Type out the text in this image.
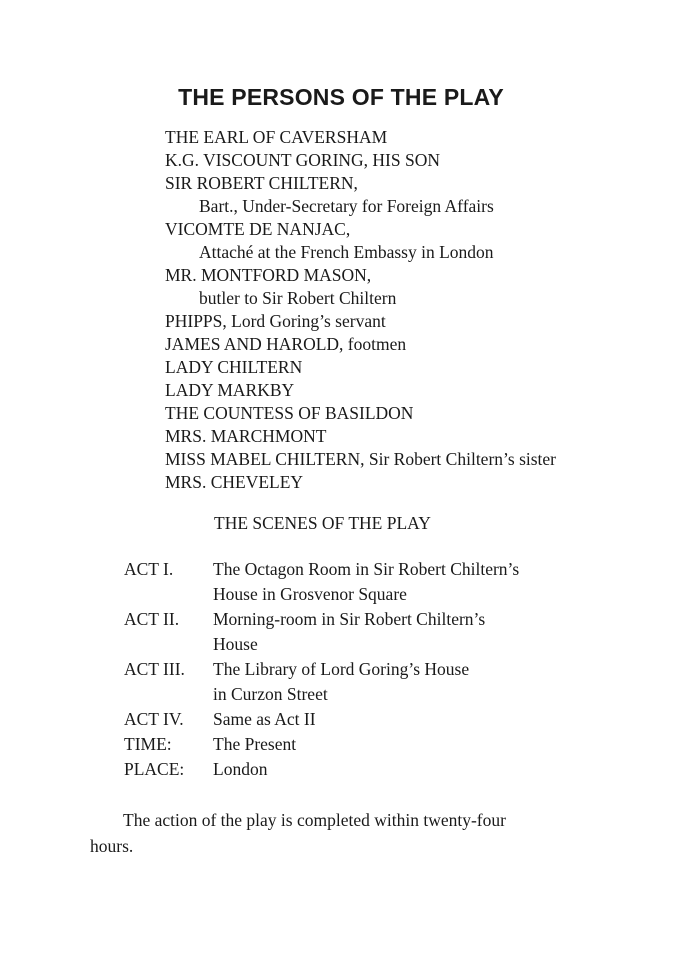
THE PERSONS OF THE PLAY
THE EARL OF CAVERSHAM
K.G. VISCOUNT GORING, HIS SON
SIR ROBERT CHILTERN,
Bart., Under-Secretary for Foreign Affairs
VICOMTE DE NANJAC,
Attaché at the French Embassy in London
MR. MONTFORD MASON,
butler to Sir Robert Chiltern
PHIPPS, Lord Goring’s servant
JAMES AND HAROLD, footmen
LADY CHILTERN
LADY MARKBY
THE COUNTESS OF BASILDON
MRS. MARCHMONT
MISS MABEL CHILTERN, Sir Robert Chiltern’s sister
MRS. CHEVELEY
THE SCENES OF THE PLAY
ACT I.	The Octagon Room in Sir Robert Chiltern’s
House in Grosvenor Square
ACT II.	Morning-room in Sir Robert Chiltern’s
House
ACT III.	The Library of Lord Goring’s House
in Curzon Street
ACT IV.	Same as Act II
TIME:	The Present
PLACE:	London
The action of the play is completed within twenty-four
hours.
